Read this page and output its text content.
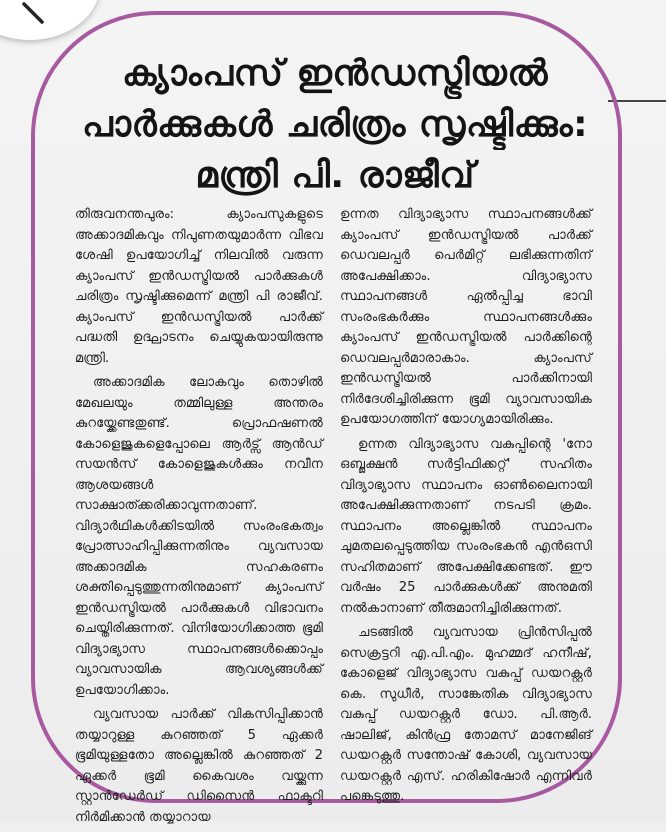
ക്യാംപസ് ഇൻഡസ്ട്രിയൽ
പാർക്കുകൾ ചരിത്രം സൃഷ്ടിക്കും:
മന്ത്രി പി. രാജീവ്

തിരുവനന്തപുരം: ക്യാംപസുകളുടെ അക്കാദമികവും നിപുണതയുമാർന്ന വിഭവ ശേഷി ഉപയോഗിച്ച് നിലവിൽ വരുന്ന ക്യാംപസ് ഇൻഡസ്ട്രിയൽ പാർക്കുകൾ ചരിത്രം സൃഷ്ടിക്കുമെന്ന് മന്ത്രി പി രാജീവ്. ക്യാംപസ് ഇൻഡസ്ട്രിയൽ പാർക്ക് പദ്ധതി ഉദ്ഘാടനം ചെയ്യുകയായിരുന്നു മന്ത്രി.

അക്കാദമിക ലോകവും തൊഴിൽ മേഖലയും തമ്മിലുള്ള അന്തരം കുറയ്ക്കേണ്ടതുണ്ട്. പ്രൊഫഷണൽ കോളെജുകളെപ്പോലെ ആർട്സ് ആൻഡ് സയൻസ് കോളെജുകൾക്കും നവീന ആശയങ്ങൾ സാക്ഷാത്ക്കരിക്കാവുന്നതാണ്. വിദ്യാർഥികൾക്കിടയിൽ സംരംഭകത്വം പ്രോത്സാഹിപ്പിക്കുന്നതിനും വ്യവസായ അക്കാദമിക സഹകരണം ശക്തിപ്പെടുത്തുന്നതിനുമാണ് ക്യാംപസ് ഇൻഡസ്ട്രിയൽ പാർക്കുകൾ വിഭാവനം ചെയ്തിരിക്കുന്നത്. വിനിയോഗിക്കാത്ത ഭൂമി വിദ്യാഭ്യാസ സ്ഥാപനങ്ങൾക്കൊപ്പം വ്യാവസായിക ആവശ്യങ്ങൾക്ക് ഉപയോഗിക്കാം.

വ്യവസായ പാർക്ക് വികസിപ്പിക്കാൻ തയ്യാറുള്ള കുറഞ്ഞത് 5 ഏക്കർ ഭൂമിയുള്ളതോ അല്ലെങ്കിൽ കുറഞ്ഞത് 2 ഏക്കർ ഭൂമി കൈവശം വയ്ക്കുന്ന സ്റ്റാൻഡേർഡ് ഡിസൈൻ ഫാക്ടറി നിർമിക്കാൻ തയ്യാറായ

ഉന്നത വിദ്യാഭ്യാസ സ്ഥാപനങ്ങൾക്ക് ക്യാംപസ് ഇൻഡസ്ട്രിയൽ പാർക്ക് ഡെവലപ്പർ പെർമിറ്റ് ലഭിക്കുന്നതിന് അപേക്ഷിക്കാം. വിദ്യാഭ്യാസ സ്ഥാപനങ്ങൾ ഏൽപ്പിച്ച ഭാവി സംരംഭകർക്കും സ്ഥാപനങ്ങൾക്കും ക്യാംപസ് ഇൻഡസ്ട്രിയൽ പാർക്കിന്റെ ഡെവലപ്പർമാരാകാം. ക്യാംപസ് ഇൻഡസ്ട്രിയൽ പാർക്കിനായി നിർദേശിച്ചിരിക്കുന്ന ഭൂമി വ്യാവസായിക ഉപയോഗത്തിന് യോഗ്യമായിരിക്കും.

ഉന്നത വിദ്യാഭ്യാസ വകുപ്പിന്റെ 'നോ ഒബ്ജക്ഷൻ സർട്ടിഫിക്കറ്റ്' സഹിതം വിദ്യാഭ്യാസ സ്ഥാപനം ഓൺലൈനായി അപേക്ഷിക്കുന്നതാണ് നടപടി ക്രമം. സ്ഥാപനം അല്ലെങ്കിൽ സ്ഥാപനം ചുമതലപ്പെടുത്തിയ സംരംഭകൻ എൻഒസി സഹിതമാണ് അപേക്ഷിക്കേണ്ടത്. ഈ വർഷം 25 പാർക്കുകൾക്ക് അനുമതി നൽകാനാണ് തീരുമാനിച്ചിരിക്കുന്നത്.

ചടങ്ങിൽ വ്യവസായ പ്രിൻസിപ്പൽ സെക്രട്ടറി എ.പി.എം. മുഹമ്മദ് ഹനീഷ്, കോളെജ് വിദ്യാഭ്യാസ വകുപ്പ് ഡയറക്റ്റർ കെ. സുധീർ, സാങ്കേതിക വിദ്യാഭ്യാസ വകുപ്പ് ഡയറക്റ്റർ ഡോ. പി.ആർ. ഷാലിജ്, കിൻഫ്ര തോമസ് മാനേജിങ് ഡയറക്റ്റർ സന്തോഷ് കോശി, വ്യവസായ ഡയറക്റ്റർ എസ്. ഹരികിഷോർ എന്നിവർ പങ്കെടുത്തു.
